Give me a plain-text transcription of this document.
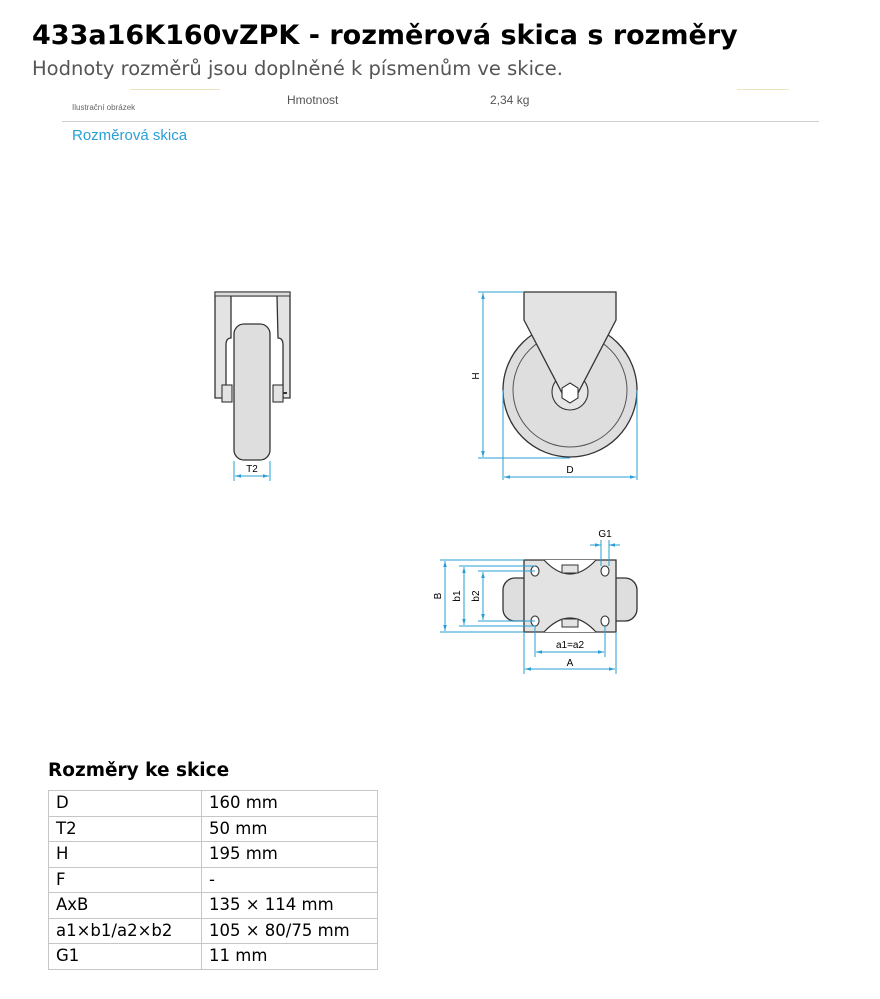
433a16K160vZPK - rozměrová skica s rozměry

Hodnoty rozměrů jsou doplněné k písmenům ve skice.

Ilustrační obrázek
Hmotnost	2,34 kg
Rozměrová skica
T2
H
D
G1
B b1 b2
a1=a2
A
Rozměry ke skice
D	160 mm
T2	50 mm
H	195 mm
F	-
AxB	135 × 114 mm
a1×b1/a2×b2	105 × 80/75 mm
G1	11 mm
